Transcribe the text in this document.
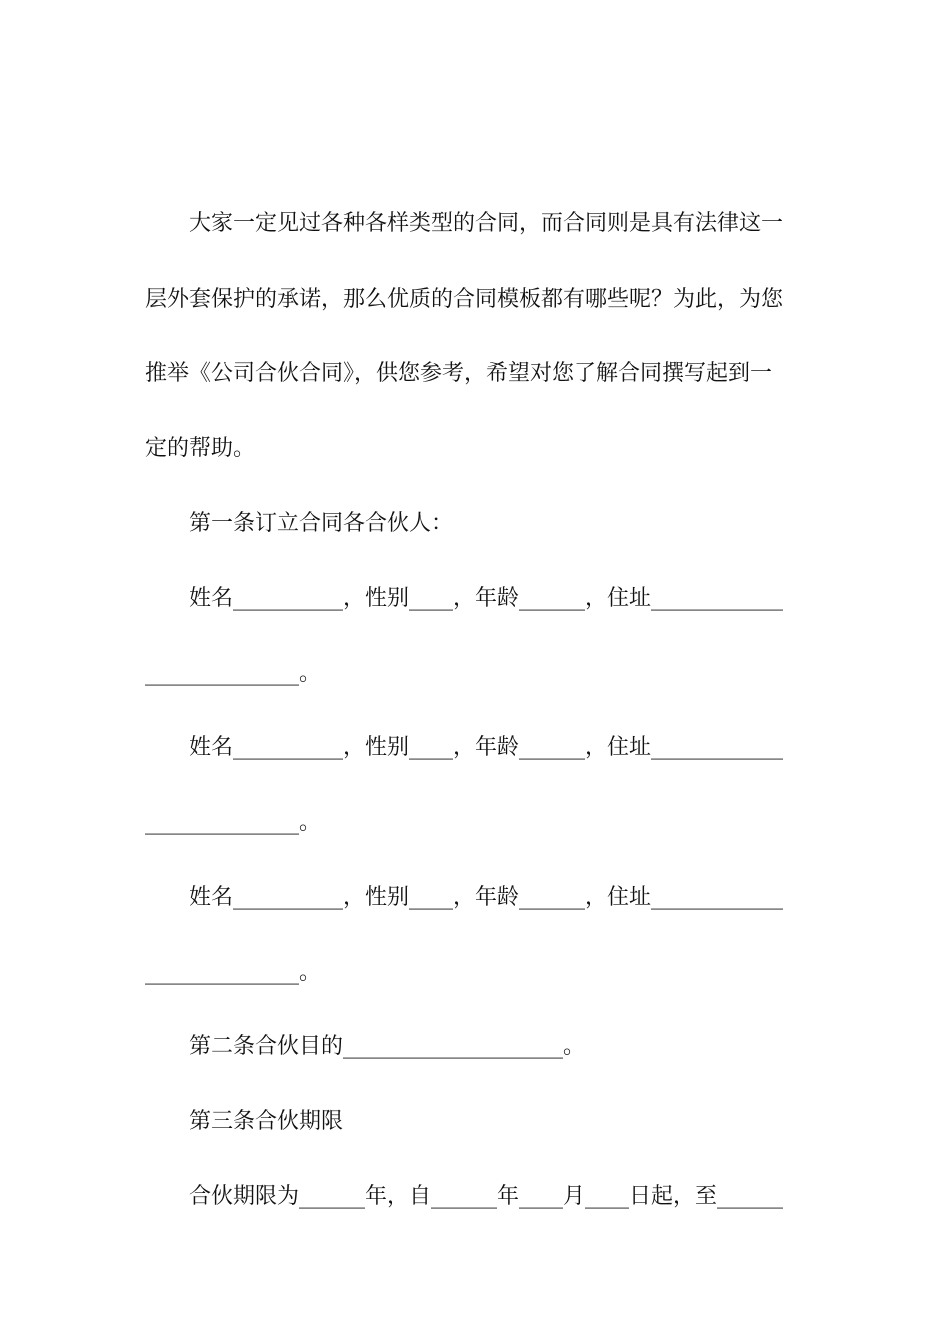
大家一定见过各种各样类型的合同，而合同则是具有法律这一
层外套保护的承诺，那么优质的合同模板都有哪些呢？为此，为您
推举《公司合伙合同》，供您参考，希望对您了解合同撰写起到一
定的帮助。
第一条订立合同各合伙人：
姓名__________，性别____，年龄______，住址____________
______________。
姓名__________，性别____，年龄______，住址____________
______________。
姓名__________，性别____，年龄______，住址____________
______________。
第二条合伙目的____________________。
第三条合伙期限
合伙期限为______年，自______年____月____日起，至______
